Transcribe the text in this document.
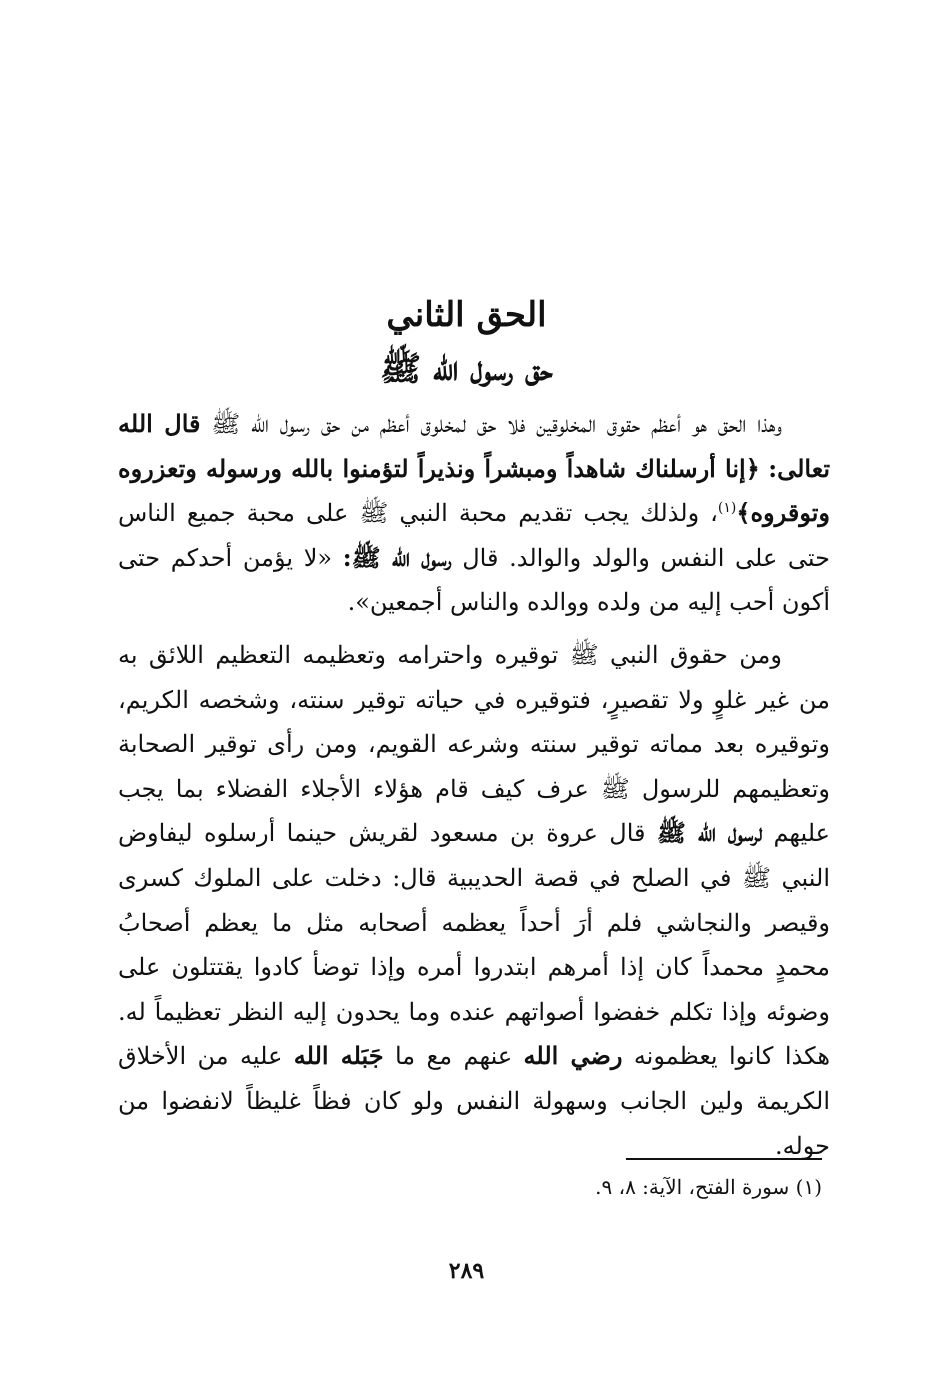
الحق الثاني

حق رسول الله ﷺ

وهذا الحق هو أعظم حقوق المخلوقين فلا حق لمخلوق أعظم من حق رسول الله ﷺ قال الله تعالى: ﴿إنا أرسلناك شاهداً ومبشراً ونذيراً لتؤمنوا بالله ورسوله وتعزروه وتوقروه﴾$^{(١)}$، ولذلك يجب تقديم محبة النبي ﷺ على محبة جميع الناس حتى على النفس والولد والوالد. قال رسول الله ﷺ: «لا يؤمن أحدكم حتى أكون أحب إليه من ولده ووالده والناس أجمعين».

ومن حقوق النبي ﷺ توقيره واحترامه وتعظيمه التعظيم اللائق به من غير غلوٍ ولا تقصيرٍ، فتوقيره في حياته توقير سنته، وشخصه الكريم، وتوقيره بعد مماته توقير سنته وشرعه القويم، ومن رأى توقير الصحابة وتعظيمهم للرسول ﷺ عرف كيف قام هؤلاء الأجلاء الفضلاء بما يجب عليهم لرسول الله ﷺ قال عروة بن مسعود لقريش حينما أرسلوه ليفاوض النبي ﷺ في الصلح في قصة الحديبية قال: دخلت على الملوك كسرى وقيصر والنجاشي فلم أرَ أحداً يعظمه أصحابه مثل ما يعظم أصحابُ محمدٍ محمداً كان إذا أمرهم ابتدروا أمره وإذا توضأ كادوا يقتتلون على وضوئه وإذا تكلم خفضوا أصواتهم عنده وما يحدون إليه النظر تعظيماً له. هكذا كانوا يعظمونه رضي الله عنهم مع ما جَبَله الله عليه من الأخلاق الكريمة ولين الجانب وسهولة النفس ولو كان فظاً غليظاً لانفضوا من حوله.

(١) سورة الفتح، الآية: ٨، ٩.
٢٨٩
